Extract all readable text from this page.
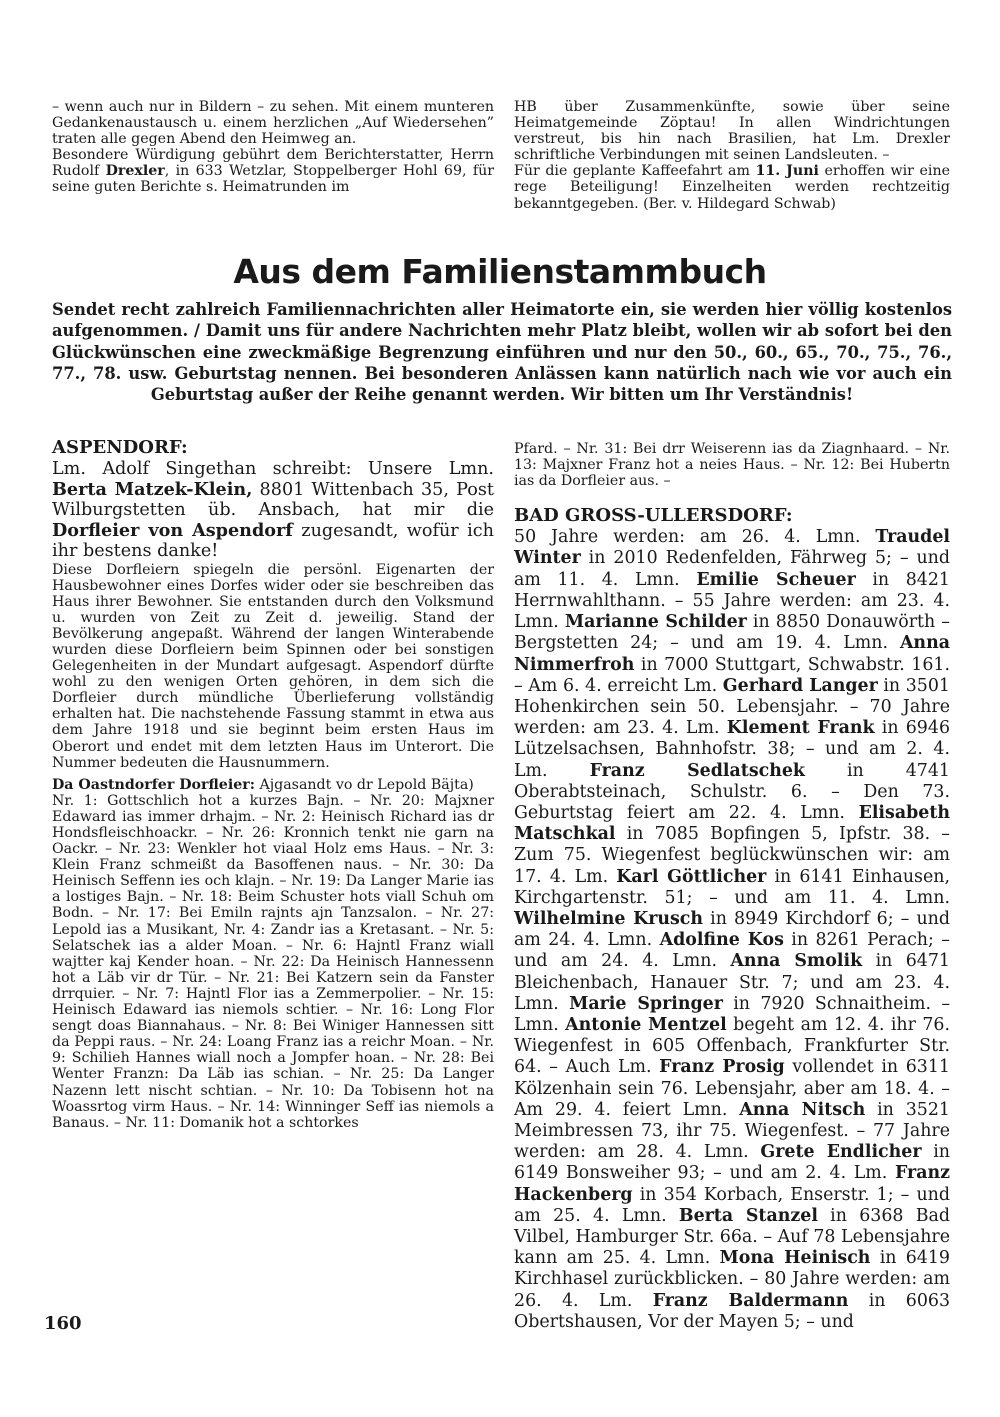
– wenn auch nur in Bildern – zu sehen. Mit einem munteren Gedankenaustausch u. einem herzlichen „Auf Wiedersehen” traten alle gegen Abend den Heimweg an.

Besondere Würdigung gebührt dem Berichterstatter, Herrn Rudolf Drexler, in 633 Wetzlar, Stoppelberger Hohl 69, für seine guten Berichte s. Heimatrunden im

HB über Zusammenkünfte, sowie über seine Heimatgemeinde Zöptau! In allen Windrichtungen verstreut, bis hin nach Brasilien, hat Lm. Drexler schriftliche Verbindungen mit seinen Landsleuten. –

Für die geplante Kaffeefahrt am 11. Juni erhoffen wir eine rege Beteiligung! Einzelheiten werden rechtzeitig bekanntgegeben. (Ber. v. Hildegard Schwab)

Aus dem Familienstammbuch

Sendet recht zahlreich Familiennachrichten aller Heimatorte ein, sie werden hier völlig kostenlos aufgenommen. / Damit uns für andere Nachrichten mehr Platz bleibt, wollen wir ab sofort bei den Glückwünschen eine zweckmäßige Begrenzung einführen und nur den 50., 60., 65., 70., 75., 76., 77., 78. usw. Geburtstag nennen. Bei besonderen Anlässen kann natürlich nach wie vor auch ein Geburtstag außer der Reihe genannt werden. Wir bitten um Ihr Verständnis!

ASPENDORF:

Lm. Adolf Singethan schreibt: Unsere Lmn. Berta Matzek-Klein, 8801 Wittenbach 35, Post Wilburgstetten üb. Ansbach, hat mir die Dorfleier von Aspendorf zugesandt, wofür ich ihr bestens danke!

Diese Dorfleiern spiegeln die persönl. Eigenarten der Hausbewohner eines Dorfes wider oder sie beschreiben das Haus ihrer Bewohner. Sie entstanden durch den Volksmund u. wurden von Zeit zu Zeit d. jeweilig. Stand der Bevölkerung angepaßt. Während der langen Winterabende wurden diese Dorfleiern beim Spinnen oder bei sonstigen Gelegenheiten in der Mundart aufgesagt. Aspendorf dürfte wohl zu den wenigen Orten gehören, in dem sich die Dorfleier durch mündliche Überlieferung vollständig erhalten hat. Die nachstehende Fassung stammt in etwa aus dem Jahre 1918 und sie beginnt beim ersten Haus im Oberort und endet mit dem letzten Haus im Unterort. Die Nummer bedeuten die Hausnummern.

Da Oastndorfer Dorfleier: Ajgasandt vo dr Lepold Bäjta)

Nr. 1: Gottschlich hot a kurzes Bajn. – Nr. 20: Majxner Edaward ias immer drhajm. – Nr. 2: Heinisch Richard ias dr Hondsfleischhoackr. – Nr. 26: Kronnich tenkt nie garn na Oackr. – Nr. 23: Wenkler hot viaal Holz ems Haus. – Nr. 3: Klein Franz schmeißt da Basoffenen naus. – Nr. 30: Da Heinisch Seffenn ies och klajn. – Nr. 19: Da Langer Marie ias a lostiges Bajn. – Nr. 18: Beim Schuster hots viall Schuh om Bodn. – Nr. 17: Bei Emiln rajnts ajn Tanzsalon. – Nr. 27: Lepold ias a Musikant, Nr. 4: Zandr ias a Kretasant. – Nr. 5: Selatschek ias a alder Moan. – Nr. 6: Hajntl Franz wiall wajtter kaj Kender hoan. – Nr. 22: Da Heinisch Hannessenn hot a Läb vir dr Tür. – Nr. 21: Bei Katzern sein da Fanster drrquier. – Nr. 7: Hajntl Flor ias a Zemmerpolier. – Nr. 15: Heinisch Edaward ias niemols schtier. – Nr. 16: Long Flor sengt doas Biannahaus. – Nr. 8: Bei Winiger Hannessen sitt da Peppi raus. – Nr. 24: Loang Franz ias a reichr Moan. – Nr. 9: Schilieh Hannes wiall noch a Jompfer hoan. – Nr. 28: Bei Wenter Franzn: Da Läb ias schian. – Nr. 25: Da Langer Nazenn lett nischt schtian. – Nr. 10: Da Tobisenn hot na Woassrtog virm Haus. – Nr. 14: Winninger Seff ias niemols a Banaus. – Nr. 11: Domanik hot a schtorkes

Pfard. – Nr. 31: Bei drr Weiserenn ias da Ziagnhaard. – Nr. 13: Majxner Franz hot a neies Haus. – Nr. 12: Bei Hubertn ias da Dorfleier aus. –

BAD GROSS-ULLERSDORF:

50 Jahre werden: am 26. 4. Lmn. Traudel Winter in 2010 Redenfelden, Fährweg 5; – und am 11. 4. Lmn. Emilie Scheuer in 8421 Herrnwahlthann. – 55 Jahre werden: am 23. 4. Lmn. Marianne Schilder in 8850 Donauwörth – Bergstetten 24; – und am 19. 4. Lmn. Anna Nimmerfroh in 7000 Stuttgart, Schwabstr. 161. – Am 6. 4. erreicht Lm. Gerhard Langer in 3501 Hohenkirchen sein 50. Lebensjahr. – 70 Jahre werden: am 23. 4. Lm. Klement Frank in 6946 Lützelsachsen, Bahnhofstr. 38; – und am 2. 4. Lm. Franz Sedlatschek in 4741 Oberabtsteinach, Schulstr. 6. – Den 73. Geburtstag feiert am 22. 4. Lmn. Elisabeth Matschkal in 7085 Bopfingen 5, Ipfstr. 38. – Zum 75. Wiegenfest beglückwünschen wir: am 17. 4. Lm. Karl Göttlicher in 6141 Einhausen, Kirchgartenstr. 51; – und am 11. 4. Lmn. Wilhelmine Krusch in 8949 Kirchdorf 6; – und am 24. 4. Lmn. Adolfine Kos in 8261 Perach; – und am 24. 4. Lmn. Anna Smolik in 6471 Bleichenbach, Hanauer Str. 7; und am 23. 4. Lmn. Marie Springer in 7920 Schnaitheim. – Lmn. Antonie Mentzel begeht am 12. 4. ihr 76. Wiegenfest in 605 Offenbach, Frankfurter Str. 64. – Auch Lm. Franz Prosig vollendet in 6311 Kölzenhain sein 76. Lebensjahr, aber am 18. 4. – Am 29. 4. feiert Lmn. Anna Nitsch in 3521 Meimbressen 73, ihr 75. Wiegenfest. – 77 Jahre werden: am 28. 4. Lmn. Grete Endlicher in 6149 Bonsweiher 93; – und am 2. 4. Lm. Franz Hackenberg in 354 Korbach, Enserstr. 1; – und am 25. 4. Lmn. Berta Stanzel in 6368 Bad Vilbel, Hamburger Str. 66a. – Auf 78 Lebensjahre kann am 25. 4. Lmn. Mona Heinisch in 6419 Kirchhasel zurückblicken. – 80 Jahre werden: am 26. 4. Lm. Franz Baldermann in 6063 Obertshausen, Vor der Mayen 5; – und

160
